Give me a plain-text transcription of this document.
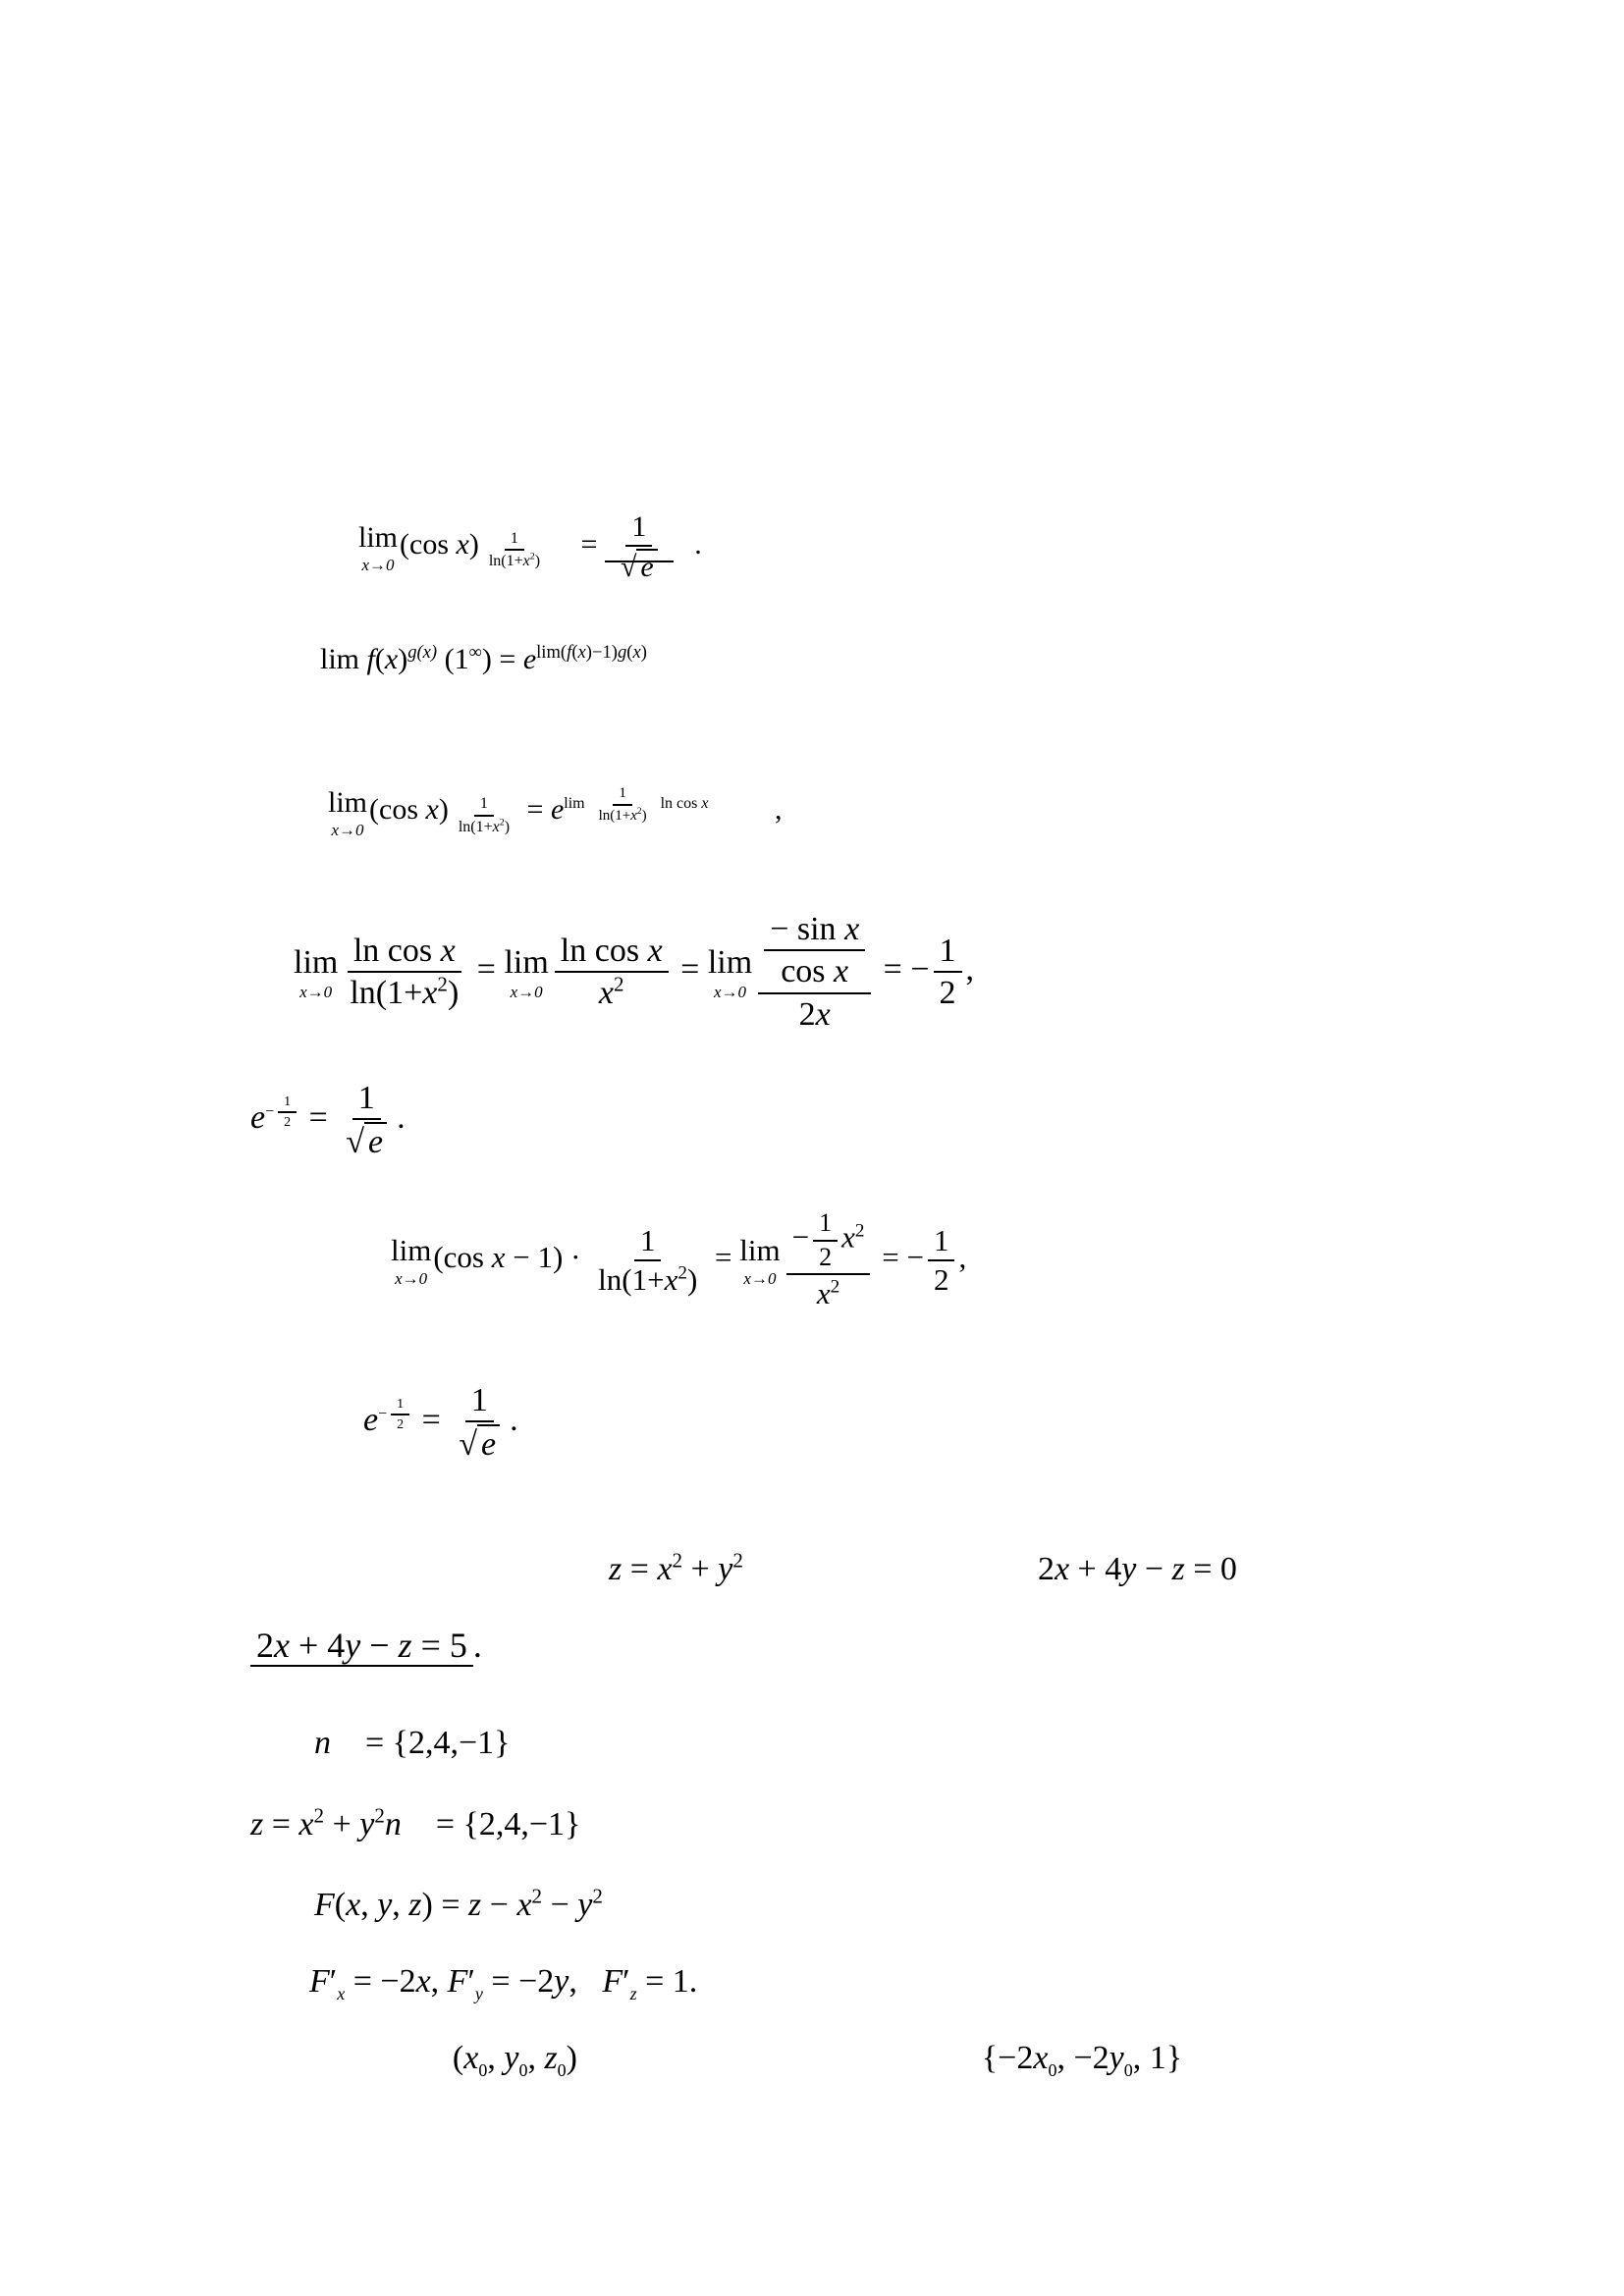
lim
x→0
(cos $x) \frac{1}{\ln(1+x^2)} = \frac{1}{√ e}$ .
$\lim f(x)^{g(x)}$ $(1^\infty) = e^{lim(f(x)-1)g(x)}$
lim
x→0
(cos $x) \frac{1}{\ln(1+x^2)} = e^{lim \frac{1}{\ln(1+x^2)} ln cos x}$ ,
lim
$x\to 0 \frac{\text{ln cos x}}{\ln(1+x^2)} = \lim$
$x\to 0 \frac{\text{ln cos x}}{x^2} = \lim$
$x\to 0 \frac{\frac{\text{− sin x}}{\text{cos x}}}{2x}$ = − $\frac{1}{2}$ ,
$e^{- \frac{1}{2}} = \frac{1}{√ e}$ .
lim
x→0
(cos $x - 1) \cdot \frac{1}{\ln(1+x^2)} = \lim$
$x\to 0 \frac{- \frac{1}{2} x^2}{x^2}$ = − $\frac{1}{2}$ ,
$e^{- \frac{1}{2}} = \frac{1}{√ e}$ .
$z = x^2 + y^2$	2x + 4y − z = 0
2x + 4y − z = 5 .
n⃗ = {2,4,−1}
$z = x^2$ + $y^2n⃗ = \{2,4,-1\}$
F(x, y, $z) = z - x^2 - y^2$
$F'_x = -2x$, $F'_y = -2y$,   $F'_z = 1$.
($x_0$, $y_0$, $z_0$)	{$-2x_0$, $-2y_0$, 1}
